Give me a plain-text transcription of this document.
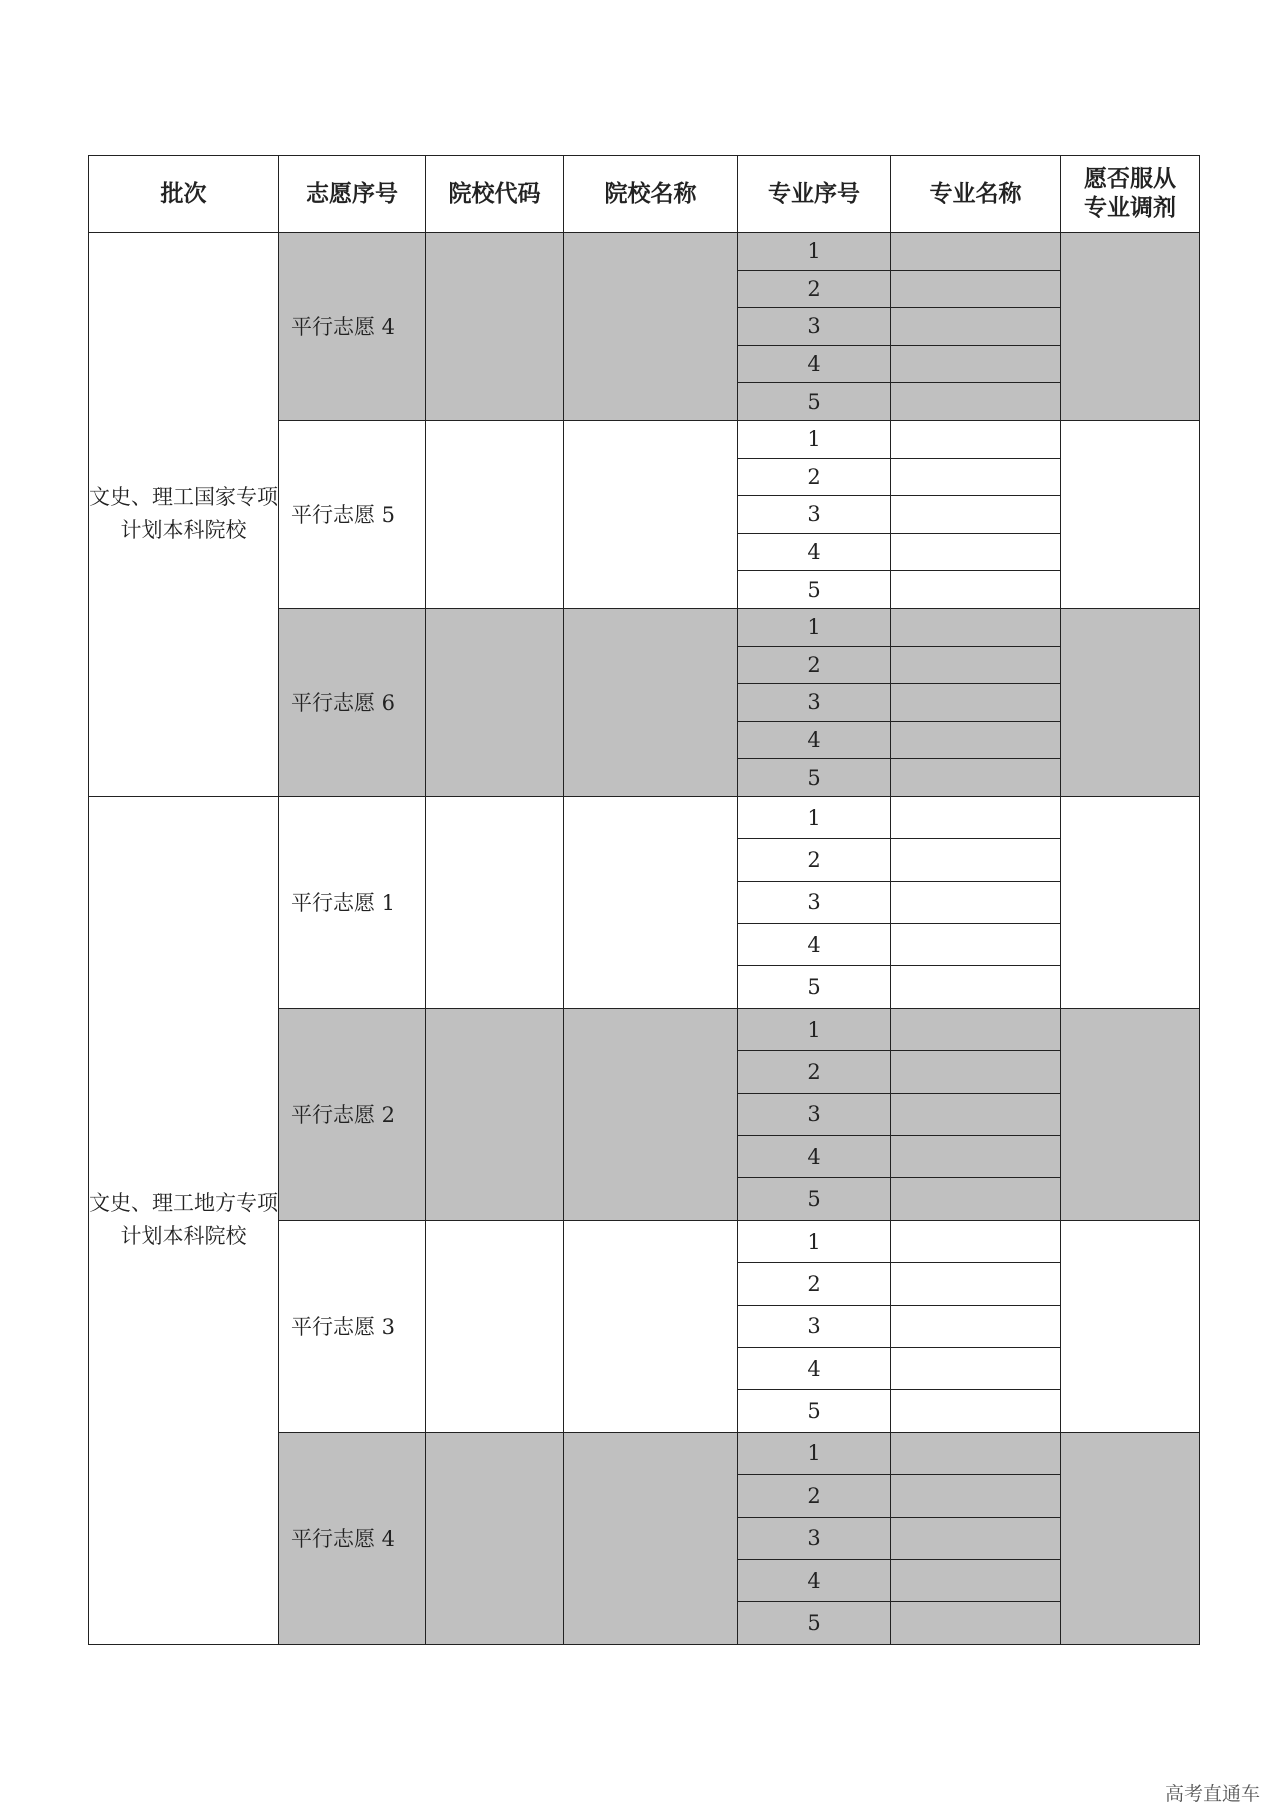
批次	志愿序号	院校代码	院校名称	专业序号	专业名称	愿否服从
专业调剂
文史、理工国家专项计划本科院校	平行志愿 4			1		
				2		
				3		
				4		
				5		
	平行志愿 5			1		
				2		
				3		
				4		
				5		
	平行志愿 6			1		
				2		
				3		
				4		
				5		
文史、理工地方专项计划本科院校	平行志愿 1			1		
				2		
				3		
				4		
				5		
	平行志愿 2			1		
				2		
				3		
				4		
				5		
	平行志愿 3			1		
				2		
				3		
				4		
				5		
	平行志愿 4			1		
				2		
				3		
				4		
				5		
高考直通车
